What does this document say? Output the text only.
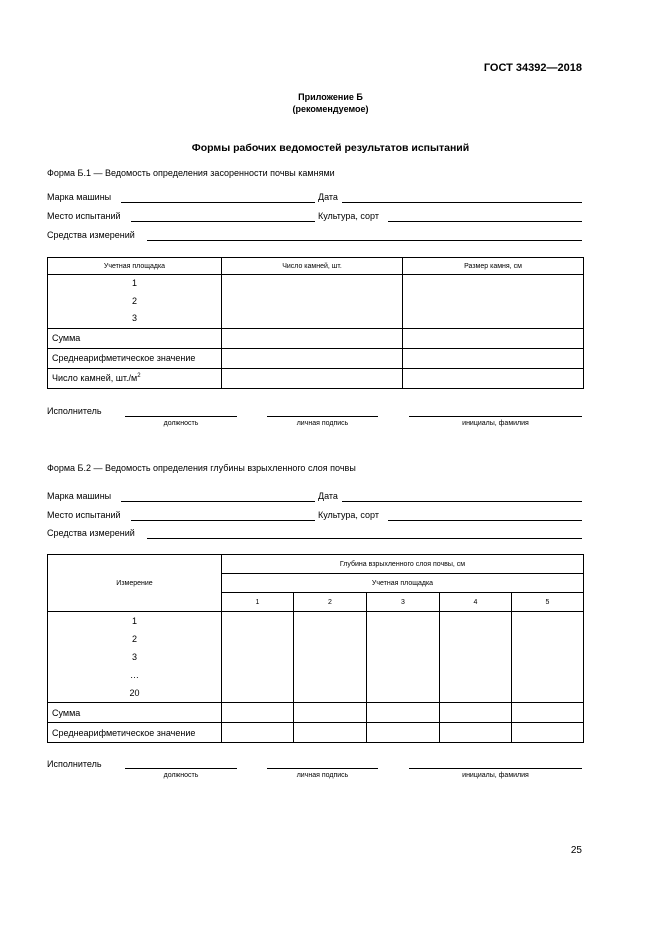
ГОСТ 34392—2018
Приложение Б
(рекомендуемое)
Формы рабочих ведомостей результатов испытаний
Форма Б.1 — Ведомость определения засоренности почвы камнями
Марка машины	Дата
Место испытаний	Культура, сорт
Средства измерений
Учетная площадка	Число камней, шт.	Размер камня, см

1
2
3		

Сумма		
Среднеарифметическое значение		
Число камней, $шт./м^2$		
Исполнитель
должность	личная подпись	инициалы, фамилия
Форма Б.2 — Ведомость определения глубины взрыхленного слоя почвы
Марка машины	Дата
Место испытаний	Культура, сорт
Средства измерений
Измерение	Глубина взрыхленного слоя почвы, см				
	Учетная площадка				
	1	2	3	4	5

1
2
3
…
20					

Сумма					
Среднеарифметическое значение					
Исполнитель
должность	личная подпись	инициалы, фамилия
25
